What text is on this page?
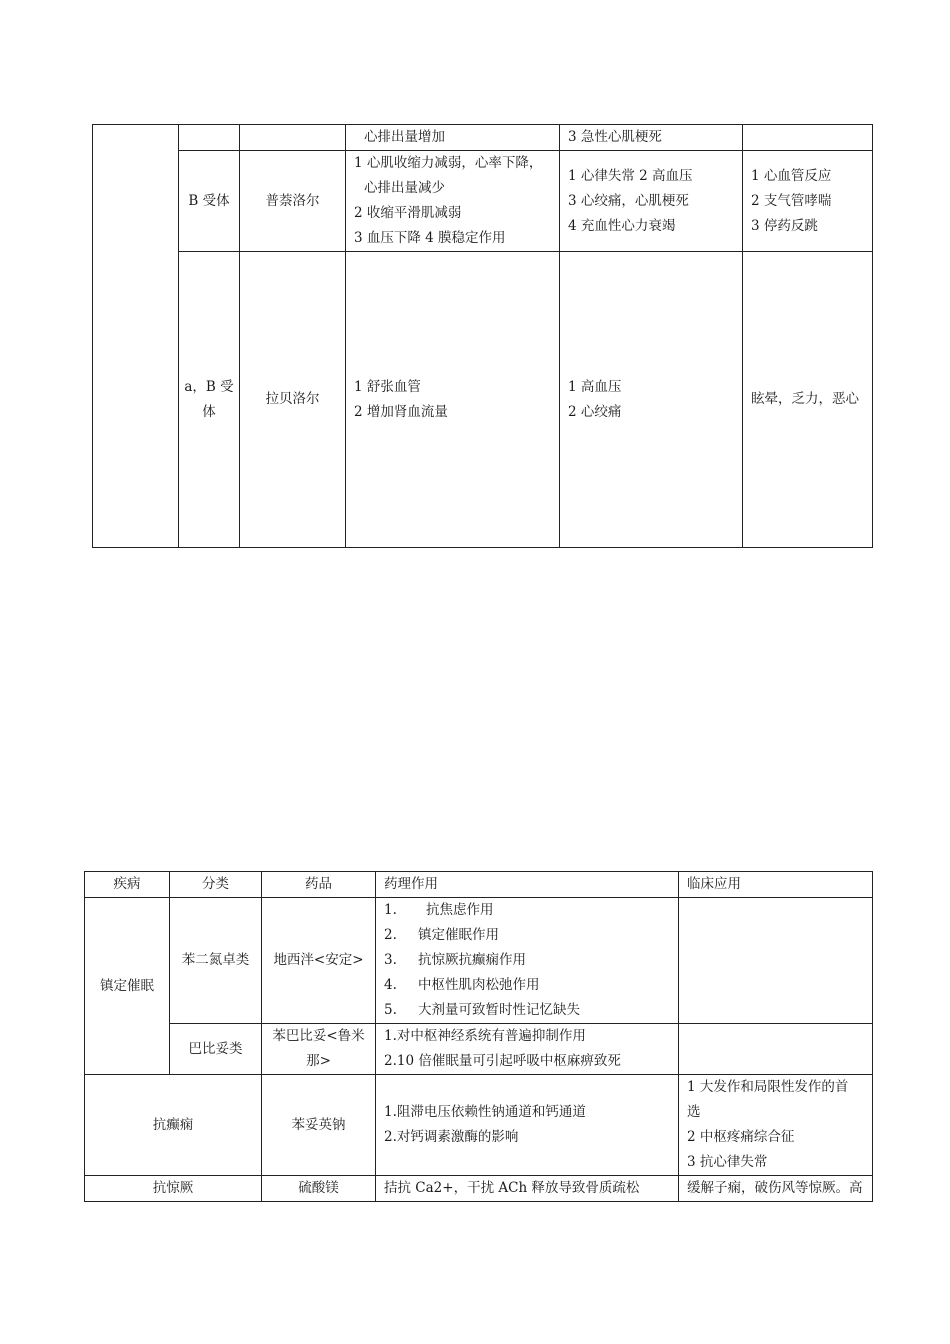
			心排出量增加	3 急性心肌梗死	

	B 受体	普萘洛尔	1 心肌收缩力减弱，心率下降，
心排出量减少
2 收缩平滑肌减弱
3 血压下降 4 膜稳定作用	1 心律失常 2 高血压
3 心绞痛，心肌梗死
4 充血性心力衰竭	1 心血管反应
2 支气管哮喘
3 停药反跳

	a，B 受
体	拉贝洛尔	1 舒张血管
2 增加肾血流量	1 高血压
2 心绞痛	眩晕，乏力，恶心
疾病	分类	药品	药理作用	临床应用
镇定催眠	苯二氮卓类	地西泮<安定>	1. 抗焦虑作用
2. 镇定催眠作用
3. 抗惊厥抗癫痫作用
4. 中枢性肌肉松弛作用
5. 大剂量可致暂时性记忆缺失	

	巴比妥类	苯巴比妥<鲁米
那>	1.对中枢神经系统有普遍抑制作用
2.10 倍催眠量可引起呼吸中枢麻痹致死	

抗癫痫		苯妥英钠	1.阻滞电压依赖性钠通道和钙通道
2.对钙调素激酶的影响	1 大发作和局限性发作的首
选
2 中枢疼痛综合征
3 抗心律失常

抗惊厥		硫酸镁	拮抗 Ca2+，干扰 ACh 释放导致骨质疏松	缓解子痫，破伤风等惊厥。高
